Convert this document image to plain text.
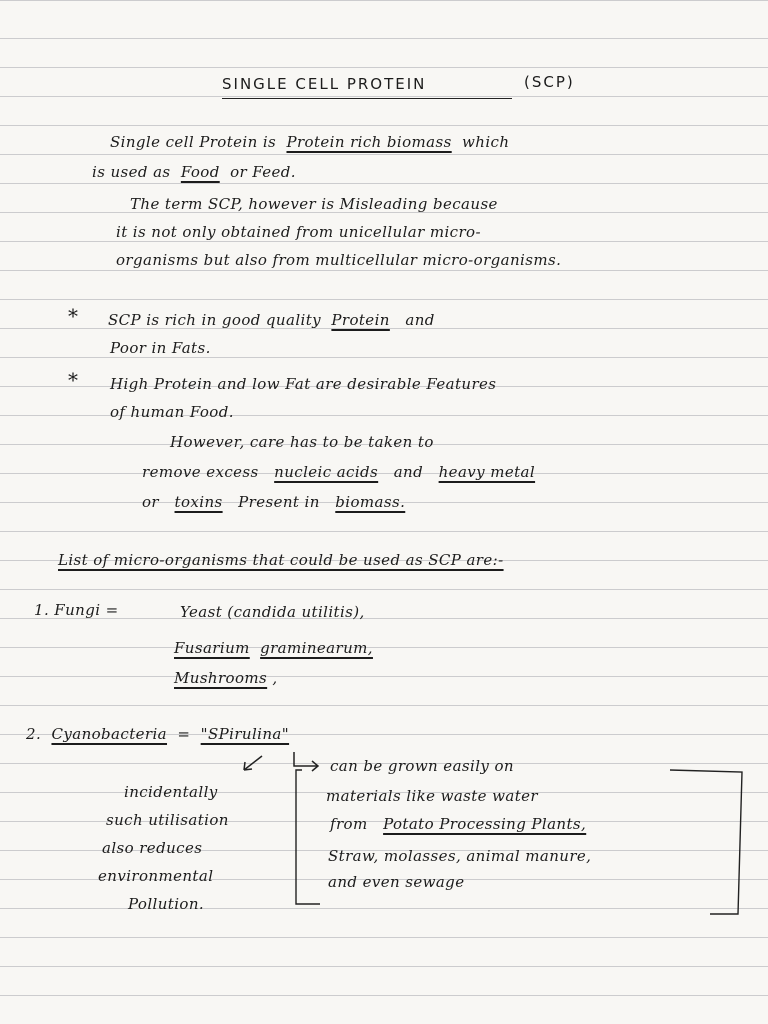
SINGLE CELL PROTEIN	(SCP)
Single cell Protein is Protein rich biomass which
is used as Food or Feed.
The term SCP, however is Misleading because
it is not only obtained from unicellular micro-
organisms but also from multicellular micro-organisms.
* SCP is rich in good quality Protein and
Poor in Fats.
* High Protein and low Fat are desirable Features
of human Food.
However, care has to be taken to
remove excess nucleic acids and heavy metal
or toxins Present in biomass.
List of micro-organisms that could be used as SCP are:-
1. Fungi =	Yeast (candida utilitis),
Fusarium graminearum,
Mushrooms ,
2. Cyanobacteria = "SPirulina"
incidentally
such utilisation
also reduces
environmental
Pollution.
can be grown easily on
materials like waste water
from Potato Processing Plants,
Straw, molasses, animal manure,
and even sewage
